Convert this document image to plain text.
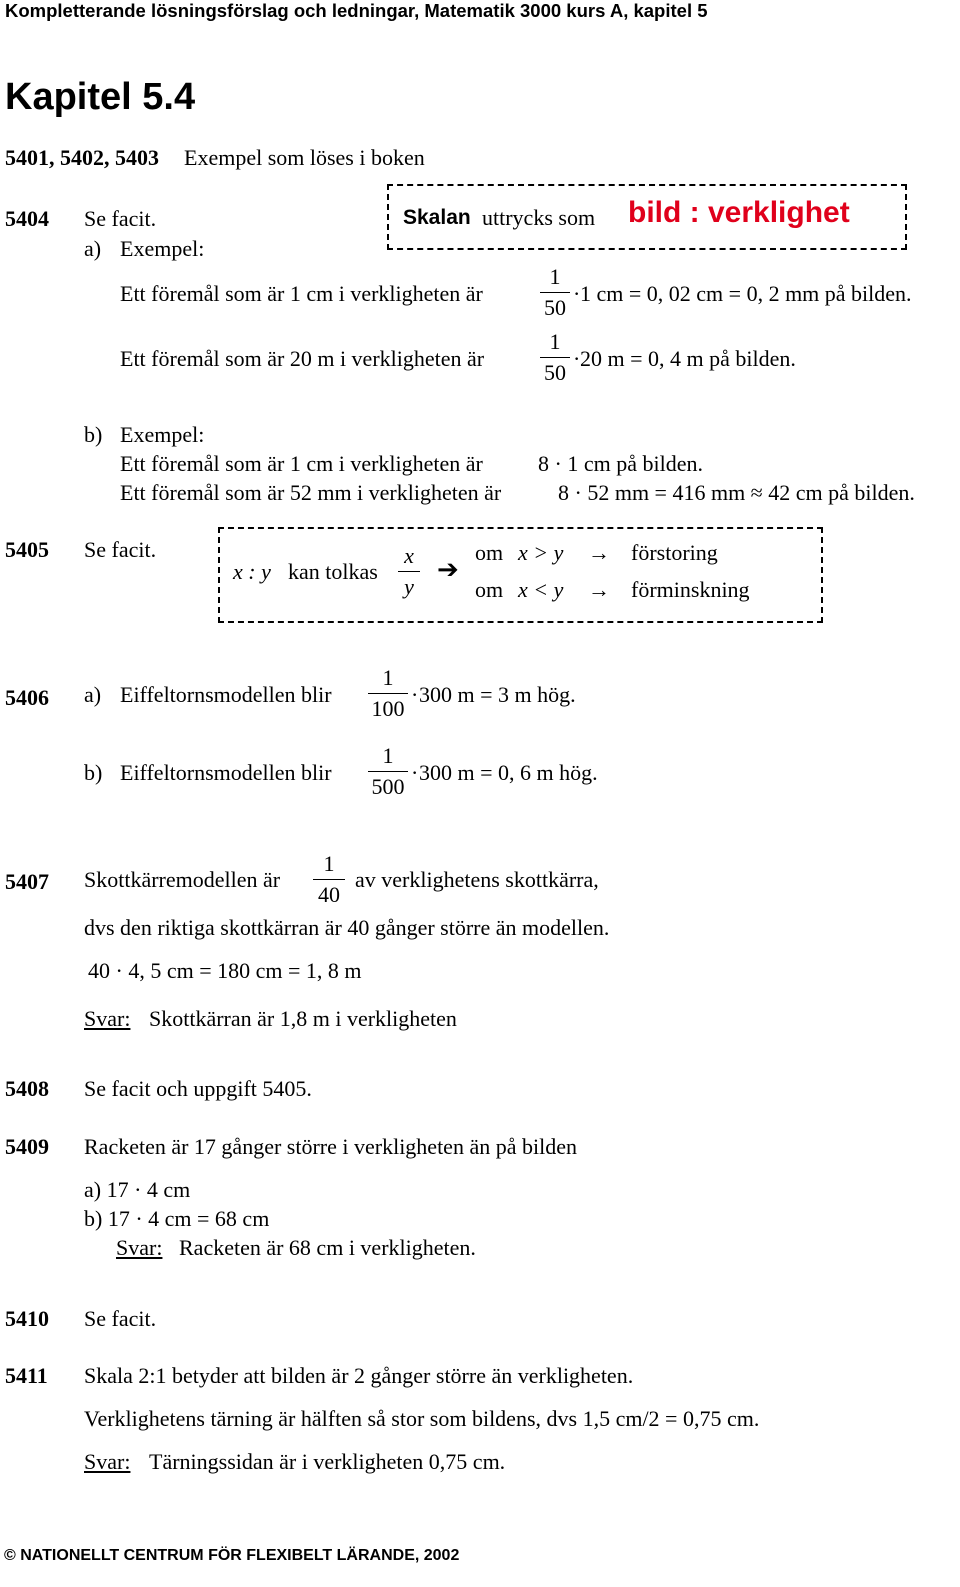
Kompletterande lösningsförslag och ledningar, Matematik 3000 kurs A, kapitel 5
Kapitel 5.4
5401, 5402, 5403 Exempel som löses i boken
5404 Se facit.	Skalan uttrycks som bild : verklighet
a) Exempel:
Ett föremål som är 1 cm i verkligheten är
1
50
· 1 cm = 0, 02 cm = 0, 2 mm på bilden.
Ett föremål som är 20 m i verkligheten är
1
50
· 20 m = 0, 4 m på bilden.
b) Exempel:
Ett föremål som är 1 cm i verkligheten är	8 · 1 cm på bilden.
Ett föremål som är 52 mm i verkligheten är	8 · 52 mm = 416 mm ≈ 42 cm på bilden.
5405 Se facit.
x : y kan tolkas
x
y
➔
om x > y → förstoring
om x < y → förminskning
5406 a) Eiffeltornsmodellen blir
1
100
· 300 m = 3 m hög.
b) Eiffeltornsmodellen blir
1
500
· 300 m = 0, 6 m hög.
5407 Skottkärremodellen är
1
40
av verklighetens skottkärra,
dvs den riktiga skottkärran är 40 gånger större än modellen.
40 · 4, 5 cm = 180 cm = 1, 8 m
Svar: Skottkärran är 1,8 m i verkligheten
5408 Se facit och uppgift 5405.
5409 Racketen är 17 gånger större i verkligheten än på bilden
a) 17 · 4 cm
b) 17 · 4 cm = 68 cm
Svar: Racketen är 68 cm i verkligheten.
5410 Se facit.
5411 Skala 2:1 betyder att bilden är 2 gånger större än verkligheten.
Verklighetens tärning är hälften så stor som bildens, dvs 1,5 cm/2 = 0,75 cm.
Svar: Tärningssidan är i verkligheten 0,75 cm.
© NATIONELLT CENTRUM FÖR FLEXIBELT LÄRANDE, 2002
